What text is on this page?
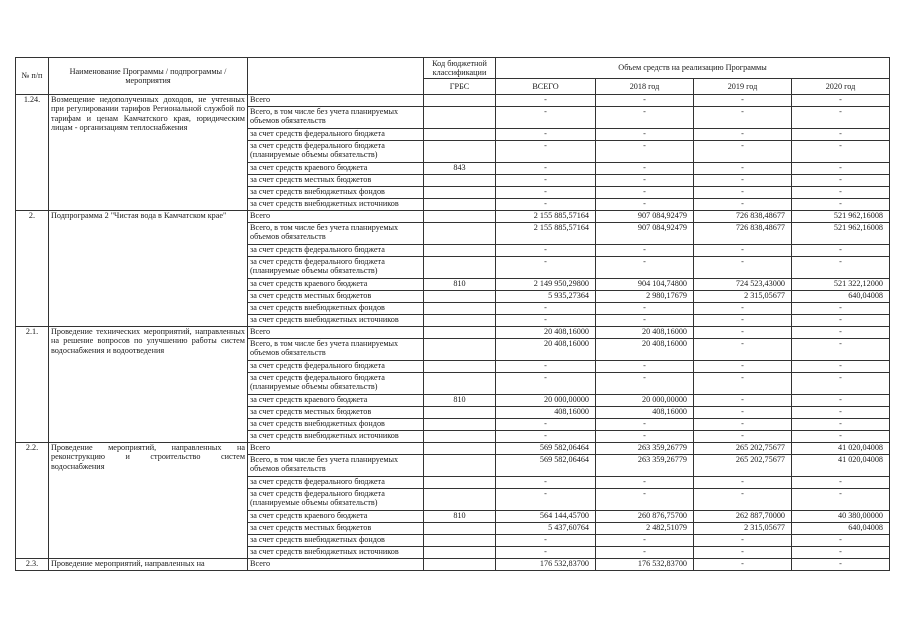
№ п/п	Наименование Программы / подпрограммы / мероприятия		Код бюджетной классификации	Объем средств на реализацию Программы			
			ГРБС	ВСЕГО	2018 год	2019 год	2020 год
1.24.	Возмещение недополученных доходов, не учтенных при регулировании тарифов Региональной службой по тарифам и ценам Камчатского края, юридическим лицам - организациям теплоснабжения	Всего		-	-	-	-
		Всего, в том числе без учета планируемых объемов обязательств		-	-	-	-
		за счет средств федерального бюджета		-	-	-	-
		за счет средств федерального бюджета (планируемые объемы обязательств)		-	-	-	-
		за счет средств краевого бюджета	843	-	-	-	-
		за счет средств местных бюджетов		-	-	-	-
		за счет средств внебюджетных фондов		-	-	-	-
		за счет средств внебюджетных источников		-	-	-	-
2.	Подпрограмма 2 "Чистая вода в Камчатском крае"	Всего		2 155 885,57164	907 084,92479	726 838,48677	521 962,16008
		Всего, в том числе без учета планируемых объемов обязательств		2 155 885,57164	907 084,92479	726 838,48677	521 962,16008
		за счет средств федерального бюджета		-	-	-	-
		за счет средств федерального бюджета (планируемые объемы обязательств)		-	-	-	-
		за счет средств краевого бюджета	810	2 149 950,29800	904 104,74800	724 523,43000	521 322,12000
		за счет средств местных бюджетов		5 935,27364	2 980,17679	2 315,05677	640,04008
		за счет средств внебюджетных фондов		-	-	-	-
		за счет средств внебюджетных источников		-	-	-	-
2.1.	Проведение технических мероприятий, направленных на решение вопросов по улучшению работы систем водоснабжения и водоотведения	Всего		20 408,16000	20 408,16000	-	-
		Всего, в том числе без учета планируемых объемов обязательств		20 408,16000	20 408,16000	-	-
		за счет средств федерального бюджета		-	-	-	-
		за счет средств федерального бюджета (планируемые объемы обязательств)		-	-	-	-
		за счет средств краевого бюджета	810	20 000,00000	20 000,00000	-	-
		за счет средств местных бюджетов		408,16000	408,16000	-	-
		за счет средств внебюджетных фондов		-	-	-	-
		за счет средств внебюджетных источников		-	-	-	-
2.2.	Проведение мероприятий, направленных на реконструкцию и строительство систем водоснабжения	Всего		569 582,06464	263 359,26779	265 202,75677	41 020,04008
		Всего, в том числе без учета планируемых объемов обязательств		569 582,06464	263 359,26779	265 202,75677	41 020,04008
		за счет средств федерального бюджета		-	-	-	-
		за счет средств федерального бюджета (планируемые объемы обязательств)		-	-	-	-
		за счет средств краевого бюджета	810	564 144,45700	260 876,75700	262 887,70000	40 380,00000
		за счет средств местных бюджетов		5 437,60764	2 482,51079	2 315,05677	640,04008
		за счет средств внебюджетных фондов		-	-	-	-
		за счет средств внебюджетных источников		-	-	-	-
2.3.	Проведение мероприятий, направленных на	Всего		176 532,83700	176 532,83700	-	-
